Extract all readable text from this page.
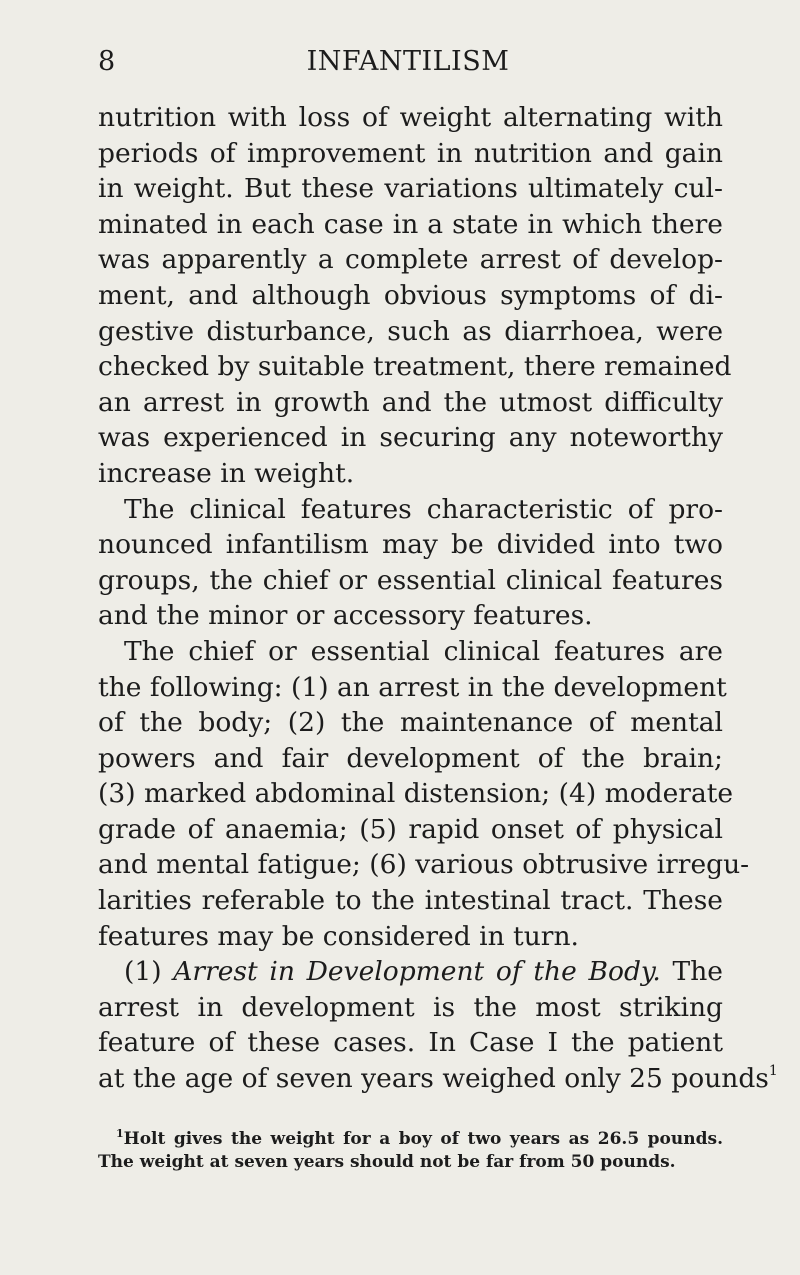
8	INFANTILISM
nutrition with loss of weight alternating with
periods of improvement in nutrition and gain
in weight. But these variations ultimately cul-
minated in each case in a state in which there
was apparently a complete arrest of develop-
ment, and although obvious symptoms of di-
gestive disturbance, such as diarrhoea, were
checked by suitable treatment, there remained
an arrest in growth and the utmost difficulty
was experienced in securing any noteworthy
increase in weight.
The clinical features characteristic of pro-
nounced infantilism may be divided into two
groups, the chief or essential clinical features
and the minor or accessory features.
The chief or essential clinical features are
the following: (1) an arrest in the development
of the body; (2) the maintenance of mental
powers and fair development of the brain;
(3) marked abdominal distension; (4) moderate
grade of anaemia; (5) rapid onset of physical
and mental fatigue; (6) various obtrusive irregu-
larities referable to the intestinal tract. These
features may be considered in turn.
(1) Arrest in Development of the Body. The
arrest in development is the most striking
feature of these cases. In Case I the patient
at the age of seven years weighed only 25 pounds$^1$
$^1$Holt gives the weight for a boy of two years as 26.5 pounds.
The weight at seven years should not be far from 50 pounds.
